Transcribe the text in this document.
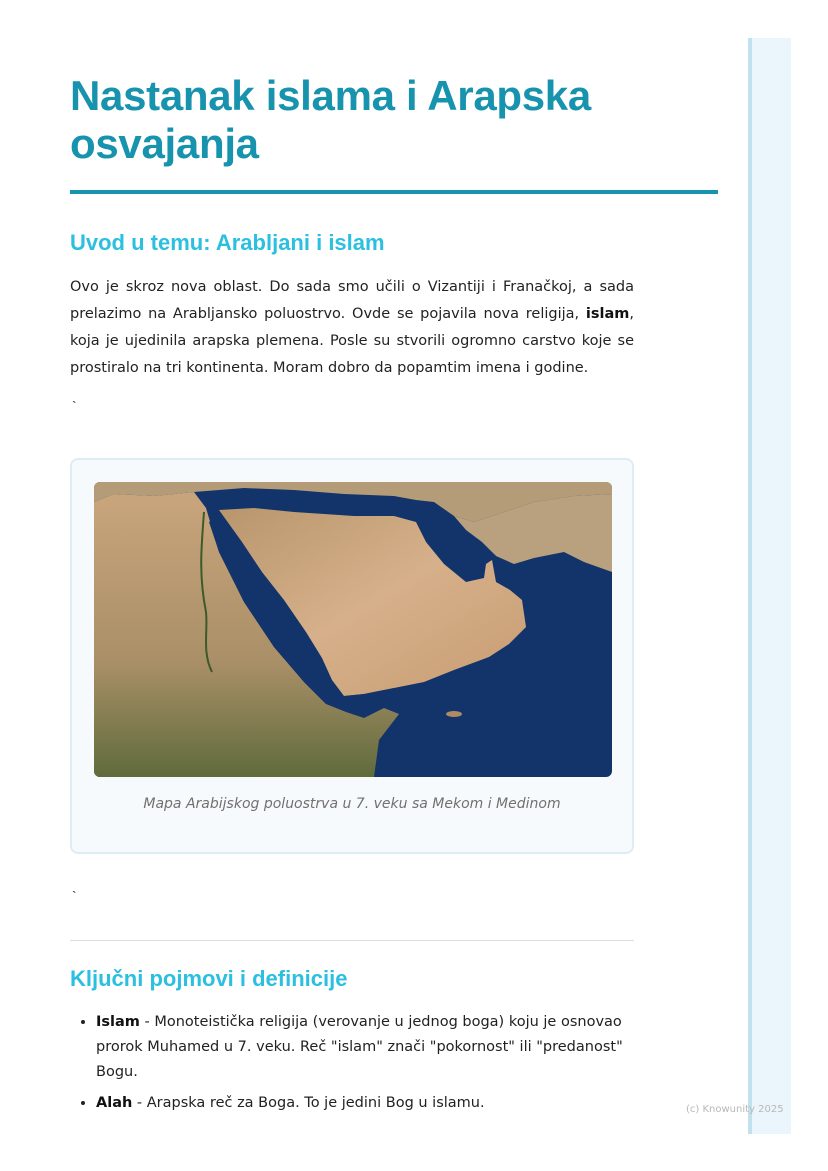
(c) Knowunity 2025
Nastanak islama i Arapska osvajanja
Uvod u temu: Arabljani i islam

Ovo je skroz nova oblast. Do sada smo učili o Vizantiji i Franačkoj, a sada prelazimo na Arabljansko poluostrvo. Ovde se pojavila nova religija, islam, koja je ujedinila arapska plemena. Posle su stvorili ogromno carstvo koje se prostiralo na tri kontinenta. Moram dobro da popamtim imena i godine.

`
Mapa Arabijskog poluostrva u 7. veku sa Mekom i Medinom
`
Ključni pojmovi i definicije
• Islam - Monoteistička religija (verovanje u jednog boga) koju je osnovao prorok Muhamed u 7. veku. Reč "islam" znači "pokornost" ili "predanost" Bogu.
• Alah - Arapska reč za Boga. To je jedini Bog u islamu.
